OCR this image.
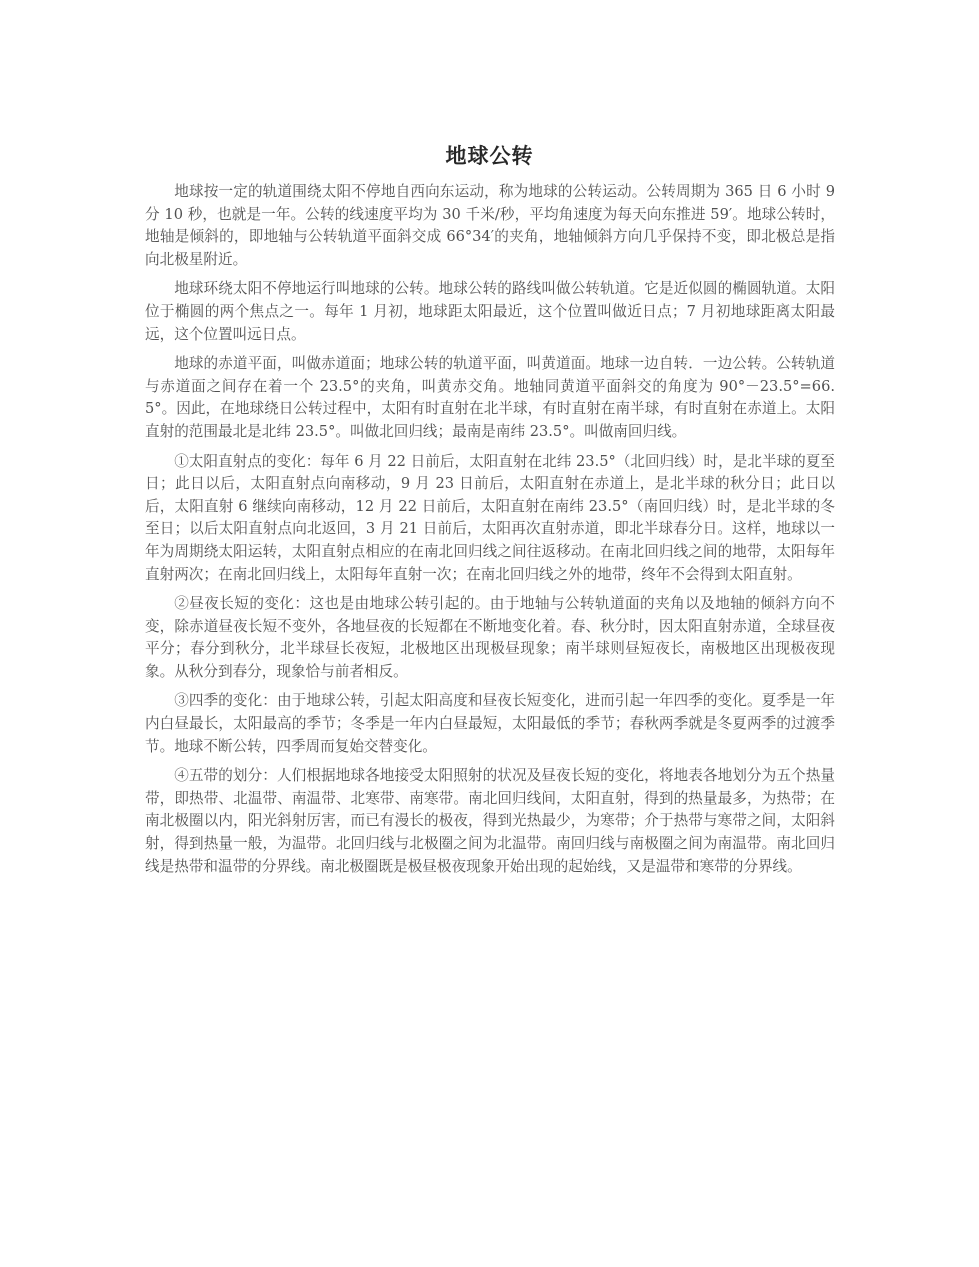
地球公转

地球按一定的轨道围绕太阳不停地自西向东运动，称为地球的公转运动。公转周期为 365 日 6 小时 9 分 10 秒，也就是一年。公转的线速度平均为 30 千米/秒，平均角速度为每天向东推进 59′。地球公转时，地轴是倾斜的，即地轴与公转轨道平面斜交成 66°34′的夹角，地轴倾斜方向几乎保持不变，即北极总是指向北极星附近。

地球环绕太阳不停地运行叫地球的公转。地球公转的路线叫做公转轨道。它是近似圆的椭圆轨道。太阳位于椭圆的两个焦点之一。每年 1 月初，地球距太阳最近，这个位置叫做近日点；7 月初地球距离太阳最远，这个位置叫远日点。

地球的赤道平面，叫做赤道面；地球公转的轨道平面，叫黄道面。地球一边自转．一边公转。公转轨道与赤道面之间存在着一个 23.5°的夹角，叫黄赤交角。地轴同黄道平面斜交的角度为 90°－23.5°=66.5°。因此，在地球绕日公转过程中，太阳有时直射在北半球，有时直射在南半球，有时直射在赤道上。太阳直射的范围最北是北纬 23.5°。叫做北回归线；最南是南纬 23.5°。叫做南回归线。

①太阳直射点的变化：每年 6 月 22 日前后，太阳直射在北纬 23.5°（北回归线）时，是北半球的夏至日；此日以后，太阳直射点向南移动，9 月 23 日前后，太阳直射在赤道上，是北半球的秋分日；此日以后，太阳直射 6 继续向南移动，12 月 22 日前后，太阳直射在南纬 23.5°（南回归线）时，是北半球的冬至日；以后太阳直射点向北返回，3 月 21 日前后，太阳再次直射赤道，即北半球春分日。这样，地球以一年为周期绕太阳运转，太阳直射点相应的在南北回归线之间往返移动。在南北回归线之间的地带，太阳每年直射两次；在南北回归线上，太阳每年直射一次；在南北回归线之外的地带，终年不会得到太阳直射。

②昼夜长短的变化：这也是由地球公转引起的。由于地轴与公转轨道面的夹角以及地轴的倾斜方向不变，除赤道昼夜长短不变外，各地昼夜的长短都在不断地变化着。春、秋分时，因太阳直射赤道，全球昼夜平分；春分到秋分，北半球昼长夜短，北极地区出现极昼现象；南半球则昼短夜长，南极地区出现极夜现象。从秋分到春分，现象恰与前者相反。

③四季的变化：由于地球公转，引起太阳高度和昼夜长短变化，进而引起一年四季的变化。夏季是一年内白昼最长，太阳最高的季节；冬季是一年内白昼最短，太阳最低的季节；春秋两季就是冬夏两季的过渡季节。地球不断公转，四季周而复始交替变化。

④五带的划分：人们根据地球各地接受太阳照射的状况及昼夜长短的变化，将地表各地划分为五个热量带，即热带、北温带、南温带、北寒带、南寒带。南北回归线间，太阳直射，得到的热量最多，为热带；在南北极圈以内，阳光斜射厉害，而已有漫长的极夜，得到光热最少，为寒带；介于热带与寒带之间，太阳斜射，得到热量一般，为温带。北回归线与北极圈之间为北温带。南回归线与南极圈之间为南温带。南北回归线是热带和温带的分界线。南北极圈既是极昼极夜现象开始出现的起始线，又是温带和寒带的分界线。
